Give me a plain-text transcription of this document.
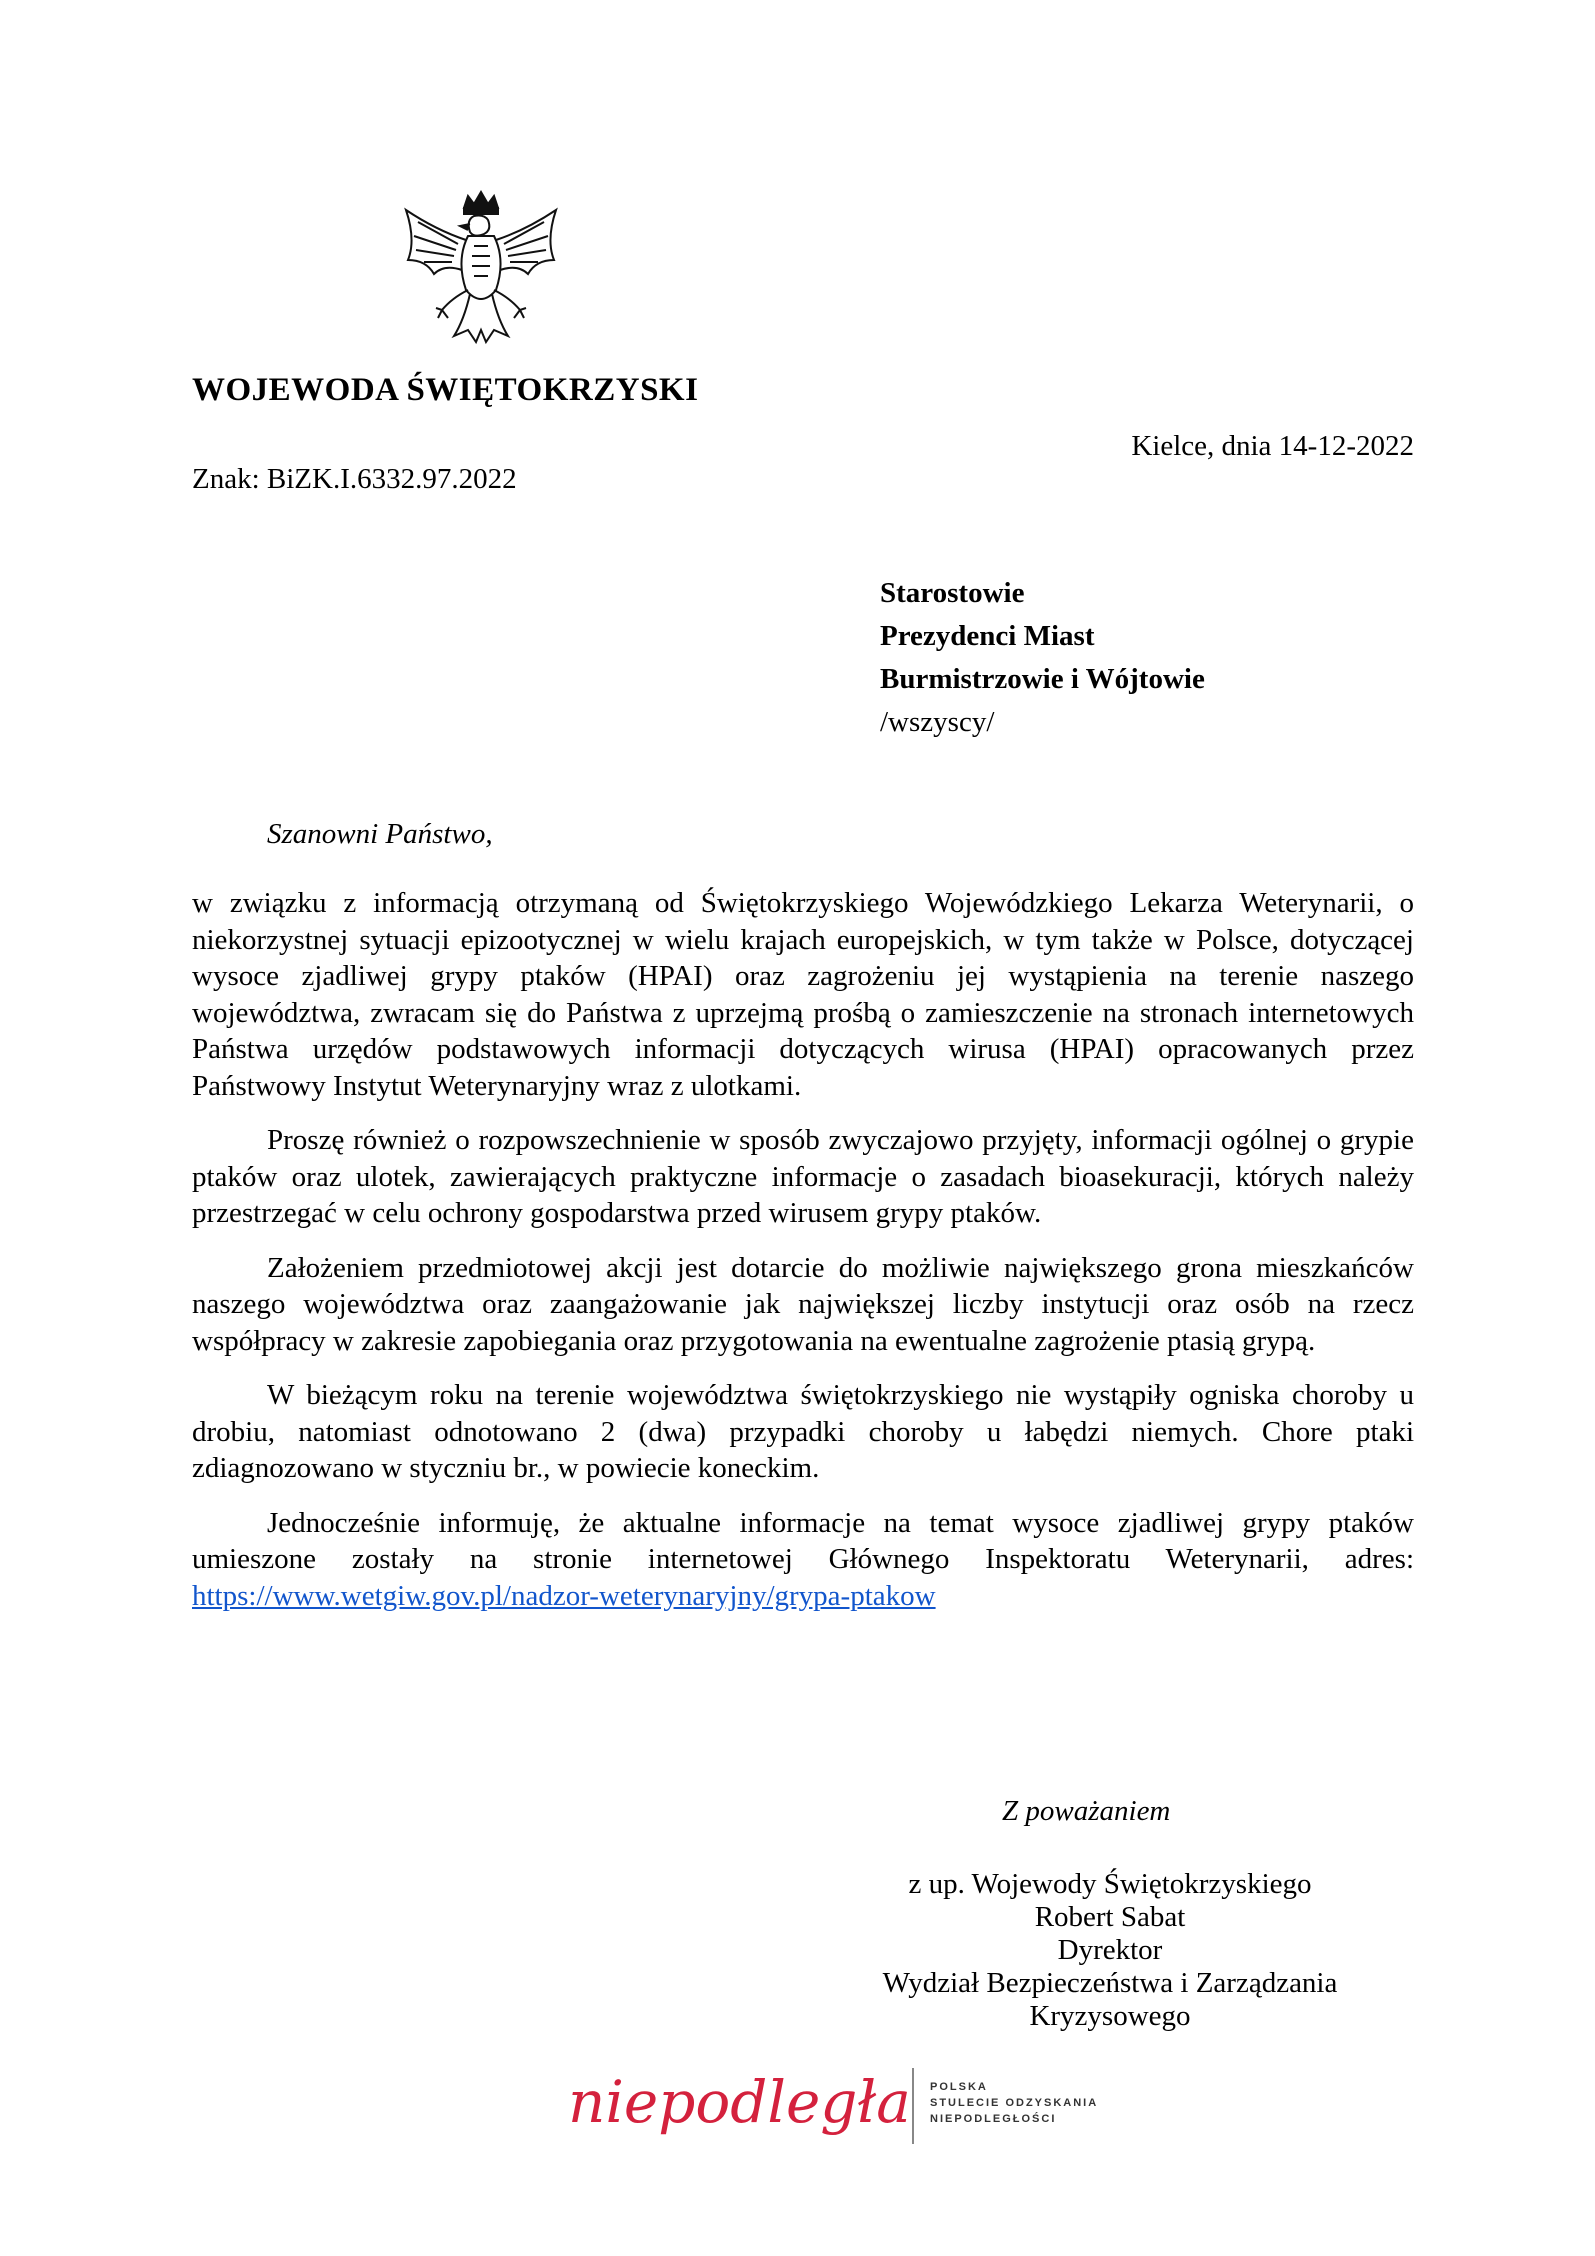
WOJEWODA ŚWIĘTOKRZYSKI
Kielce, dnia 14-12-2022
Znak: BiZK.I.6332.97.2022
Starostowie
Prezydenci Miast
Burmistrzowie i Wójtowie
/wszyscy/
Szanowni Państwo,

w związku z informacją otrzymaną od Świętokrzyskiego Wojewódzkiego Lekarza Weterynarii, o niekorzystnej sytuacji epizootycznej w wielu krajach europejskich, w tym także w Polsce, dotyczącej wysoce zjadliwej grypy ptaków (HPAI) oraz zagrożeniu jej wystąpienia na terenie naszego województwa, zwracam się do Państwa z uprzejmą prośbą o zamieszczenie na stronach internetowych Państwa urzędów podstawowych informacji dotyczących wirusa (HPAI) opracowanych przez Państwowy Instytut Weterynaryjny wraz z ulotkami.

Proszę również o rozpowszechnienie w sposób zwyczajowo przyjęty, informacji ogólnej o grypie ptaków oraz ulotek, zawierających praktyczne informacje o zasadach bioasekuracji, których należy przestrzegać w celu ochrony gospodarstwa przed wirusem grypy ptaków.

Założeniem przedmiotowej akcji jest dotarcie do możliwie największego grona mieszkańców naszego województwa oraz zaangażowanie jak największej liczby instytucji oraz osób na rzecz współpracy w zakresie zapobiegania oraz przygotowania na ewentualne zagrożenie ptasią grypą.

W bieżącym roku na terenie województwa świętokrzyskiego nie wystąpiły ogniska choroby u drobiu, natomiast odnotowano 2 (dwa) przypadki choroby u łabędzi niemych. Chore ptaki zdiagnozowano w styczniu br., w powiecie koneckim.

Jednocześnie informuję, że aktualne informacje na temat wysoce zjadliwej grypy ptaków umieszone zostały na stronie internetowej Głównego Inspektoratu Weterynarii, adres: https://www.wetgiw.gov.pl/nadzor-weterynaryjny/grypa-ptakow

Z poważaniem
z up. Wojewody Świętokrzyskiego
Robert Sabat
Dyrektor
Wydział Bezpieczeństwa i Zarządzania
Kryzysowego
niepodległa POLSKA
STULECIE ODZYSKANIA
NIEPODLEGŁOŚCI
